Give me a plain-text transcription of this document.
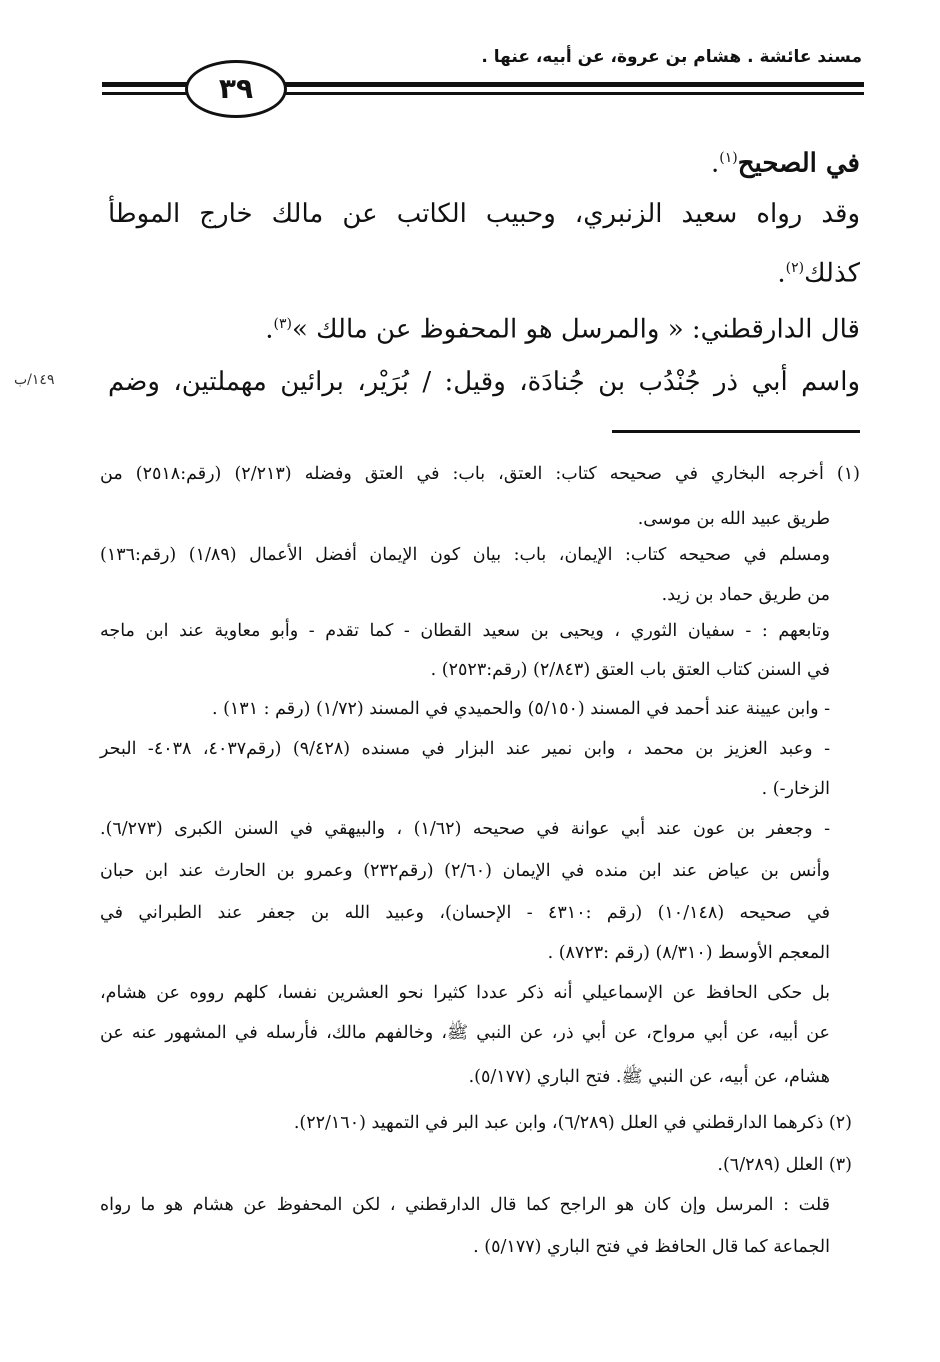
مسند عائشة . هشام بن عروة، عن أبيه، عنها .
٣٩
في الصحيح$^{(١)}$.
وقد رواه سعيد الزنبري، وحبيب الكاتب عن مالك خارج الموطأ
كذلك$^{(٢)}$.
قال الدارقطني: « والمرسل هو المحفوظ عن مالك »$^{(٣)}$.
واسم أبي ذر جُنْدُب بن جُنادَة، وقيل: / بُرَيْر، برائين مهملتين، وضم
١٤٩/ب
(١) أخرجه البخاري في صحيحه كتاب: العتق، باب: في العتق وفضله (٢/٢١٣) (رقم:٢٥١٨) من
طريق عبيد الله بن موسى.
ومسلم في صحيحه كتاب: الإيمان، باب: بيان كون الإيمان أفضل الأعمال (١/٨٩) (رقم:١٣٦)
من طريق حماد بن زيد.
وتابعهم : - سفيان الثوري ، ويحيى بن سعيد القطان - كما تقدم - وأبو معاوية عند ابن ماجه
في السنن كتاب العتق باب العتق (٢/٨٤٣) (رقم:٢٥٢٣) .
- وابن عيينة عند أحمد في المسند (٥/١٥٠) والحميدي في المسند (١/٧٢) (رقم : ١٣١) .
- وعبد العزيز بن محمد ، وابن نمير عند البزار في مسنده (٩/٤٢٨) (رقم٤٠٣٧، ٤٠٣٨- البحر
الزخار-) .
- وجعفر بن عون عند أبي عوانة في صحيحه (١/٦٢) ، والبيهقي في السنن الكبرى (٦/٢٧٣).
وأنس بن عياض عند ابن منده في الإيمان (٢/٦٠) (رقم٢٣٢) وعمرو بن الحارث عند ابن حبان
في صحيحه (١٠/١٤٨) (رقم :٤٣١٠ - الإحسان)، وعبيد الله بن جعفر عند الطبراني في
المعجم الأوسط (٨/٣١٠) (رقم :٨٧٢٣) .
بل حكى الحافظ عن الإسماعيلي أنه ذكر عددا كثيرا نحو العشرين نفسا، كلهم رووه عن هشام،
عن أبيه، عن أبي مرواح، عن أبي ذر، عن النبي ﷺ، وخالفهم مالك، فأرسله في المشهور عنه عن
هشام، عن أبيه، عن النبي ﷺ. فتح الباري (٥/١٧٧).
(٢) ذكرهما الدارقطني في العلل (٦/٢٨٩)، وابن عبد البر في التمهيد (٢٢/١٦٠).
(٣) العلل (٦/٢٨٩).
قلت : المرسل وإن كان هو الراجح كما قال الدارقطني ، لكن المحفوظ عن هشام هو ما رواه
الجماعة كما قال الحافظ في فتح الباري (٥/١٧٧) .
